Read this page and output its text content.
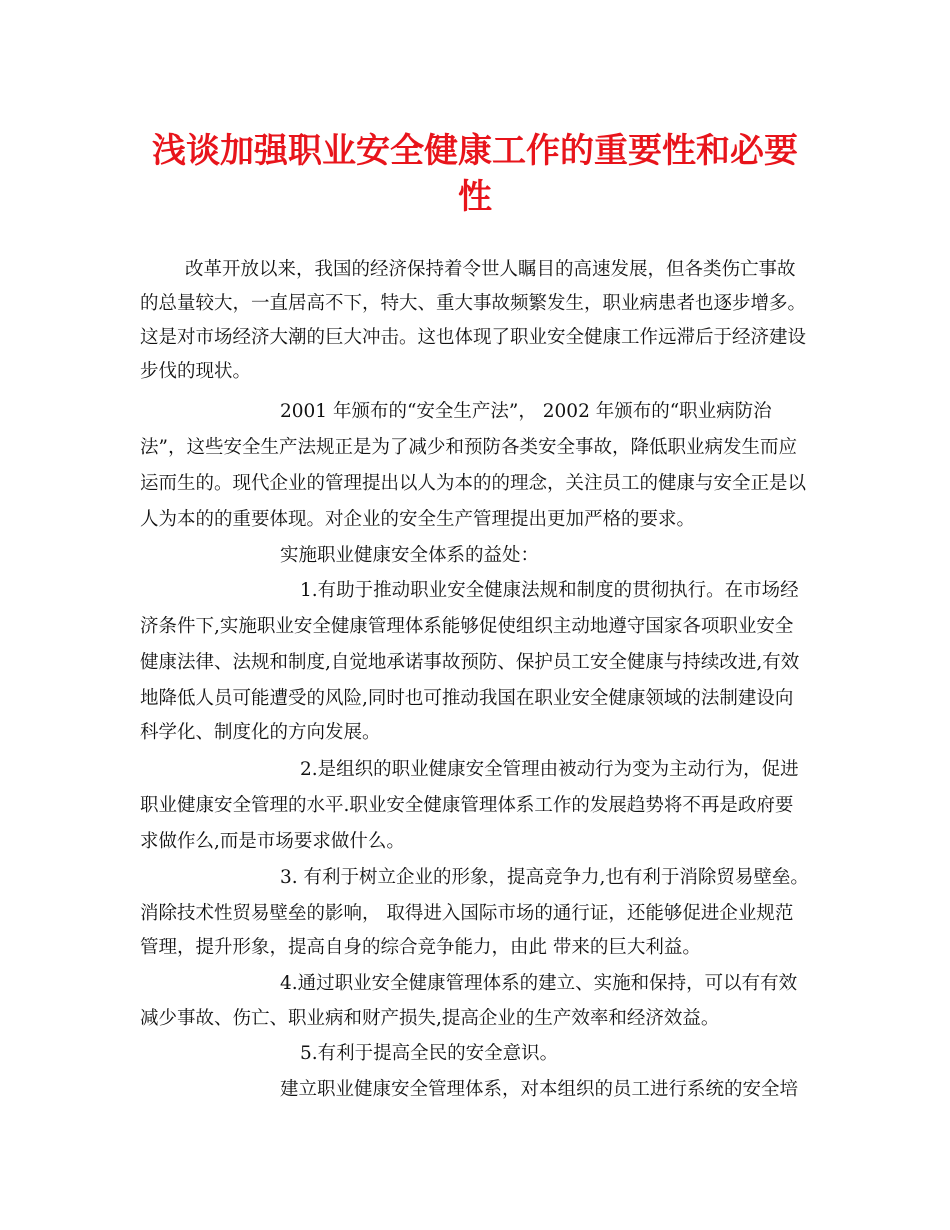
浅谈加强职业安全健康工作的重要性和必要
性

改革开放以来，我国的经济保持着令世人瞩目的高速发展，但各类伤亡事故

的总量较大，一直居高不下，特大、重大事故频繁发生，职业病患者也逐步增多。

这是对市场经济大潮的巨大冲击。这也体现了职业安全健康工作远滞后于经济建设

步伐的现状。

2001 年颁布的“安全生产法”， 2002 年颁布的“职业病防治

法”，这些安全生产法规正是为了减少和预防各类安全事故，降低职业病发生而应

运而生的。现代企业的管理提出以人为本的的理念，关注员工的健康与安全正是以

人为本的的重要体现。对企业的安全生产管理提出更加严格的要求。

实施职业健康安全体系的益处：

1.有助于推动职业安全健康法规和制度的贯彻执行。在市场经

济条件下,实施职业安全健康管理体系能够促使组织主动地遵守国家各项职业安全

健康法律、法规和制度,自觉地承诺事故预防、保护员工安全健康与持续改进,有效

地降低人员可能遭受的风险,同时也可推动我国在职业安全健康领域的法制建设向

科学化、制度化的方向发展。

2.是组织的职业健康安全管理由被动行为变为主动行为，促进

职业健康安全管理的水平.职业安全健康管理体系工作的发展趋势将不再是政府要

求做作么,而是市场要求做什么。

3. 有利于树立企业的形象，提高竞争力,也有利于消除贸易壁垒。

消除技术性贸易壁垒的影响， 取得进入国际市场的通行证，还能够促进企业规范

管理，提升形象，提高自身的综合竞争能力，由此 带来的巨大利益。

4.通过职业安全健康管理体系的建立、实施和保持，可以有有效

减少事故、伤亡、职业病和财产损失,提高企业的生产效率和经济效益。

5.有利于提高全民的安全意识。

建立职业健康安全管理体系，对本组织的员工进行系统的安全培
